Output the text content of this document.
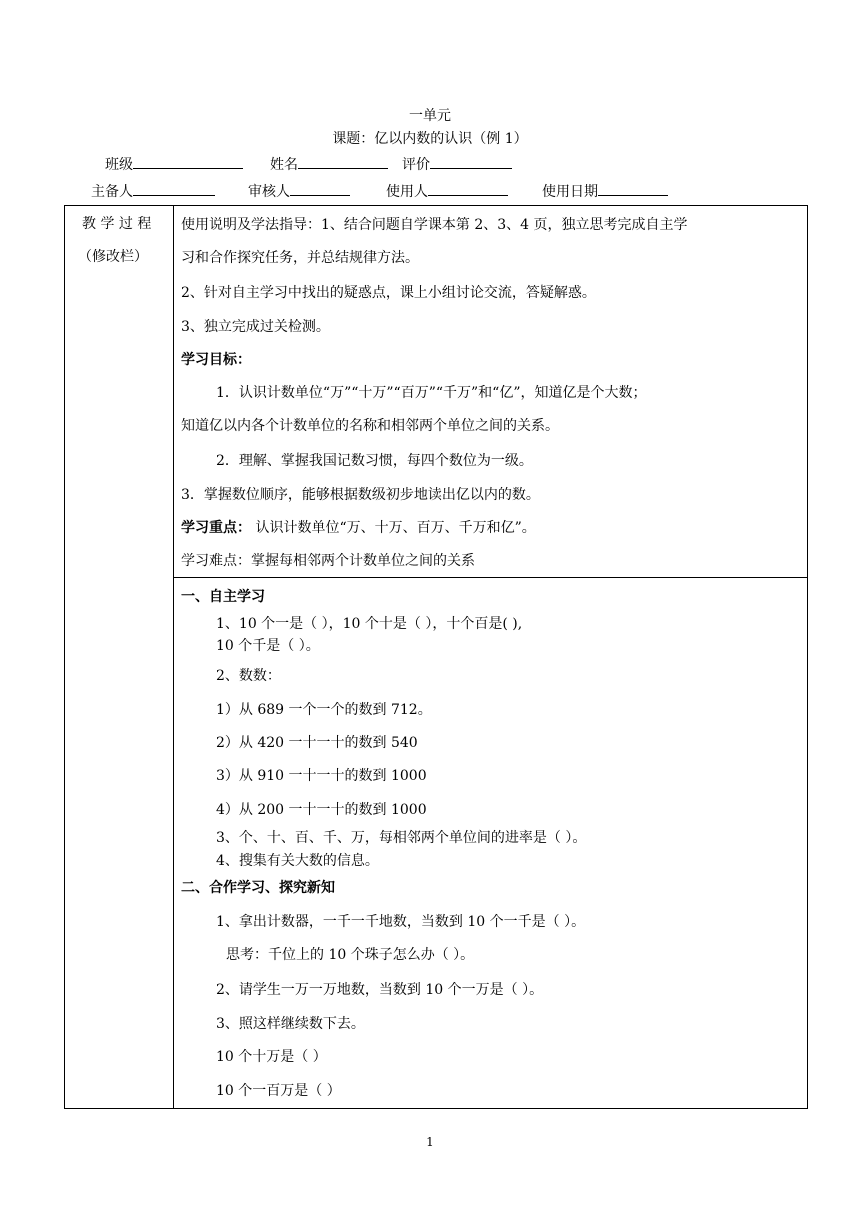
一单元
课题：亿以内数的认识（例 1）
班级	姓名	评价
主备人	审核人	使用人	使用日期
教 学 过 程
（修改栏）
使用说明及学法指导：1、结合问题自学课本第 2、3、4 页，独立思考完成自主学
习和合作探究任务，并总结规律方法。
2、针对自主学习中找出的疑惑点，课上小组讨论交流，答疑解惑。
3、独立完成过关检测。
学习目标：
1．认识计数单位“万”“十万”“百万”“千万”和“亿”，知道亿是个大数；
知道亿以内各个计数单位的名称和相邻两个单位之间的关系。
2．理解、掌握我国记数习惯，每四个数位为一级。
3．掌握数位顺序，能够根据数级初步地读出亿以内的数。
学习重点： 认识计数单位“万、十万、百万、千万和亿”。
学习难点：掌握每相邻两个计数单位之间的关系
一、自主学习
1、10 个一是（ ），10 个十是（ ），十个百是( ),
10 个千是（ ）。
2、数数：
1）从 689 一个一个的数到 712。
2）从 420 一十一十的数到 540
3）从 910 一十一十的数到 1000
4）从 200 一十一十的数到 1000
3、个、十、百、千、万，每相邻两个单位间的进率是（ ）。
4、搜集有关大数的信息。
二、合作学习、探究新知
1、拿出计数器，一千一千地数，当数到 10 个一千是（ ）。
思考：千位上的 10 个珠子怎么办（ ）。
2、请学生一万一万地数，当数到 10 个一万是（ ）。
3、照这样继续数下去。
10 个十万是（ ）
10 个一百万是（ ）
1
